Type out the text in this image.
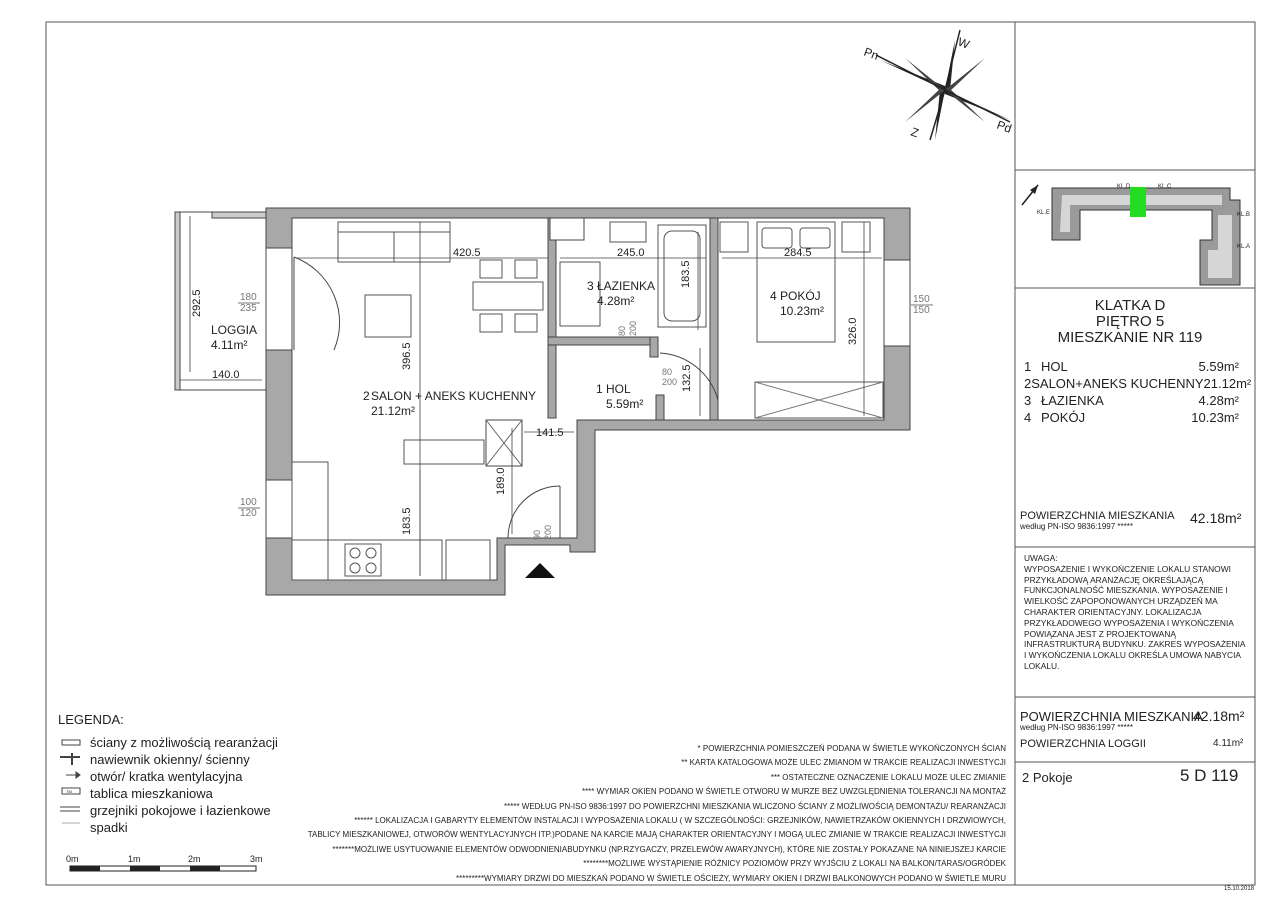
W
Pn
Pd
Z
KL.D	KL.C
KL.E	KL.B
KL.A
420.5	245.0	284.5
183.5
326.0
396.5
132.5
141.5
189.0
183.5
292.5
140.0
180
235
150
150
100
120
80 200
80
200
90 200
LOGGIA
4.11m²
2 SALON + ANEKS KUCHENNY
21.12m²
3 ŁAZIENKA
4.28m²
1 HOL
5.59m²
4 POKÓJ
10.23m²
TM
0m	1m	2m	3m
KLATKA D
PIĘTRO 5
MIESZKANIE NR 119
1 HOL	5.59m²
2 SALON+ANEKS KUCHENNY 21.12m²
3 ŁAZIENKA	4.28m²
4 POKÓJ	10.23m²
POWIERZCHNIA MIESZKANIA
według PN-ISO 9836:1997 *****
42.18m²
UWAGA:
WYPOSAŻENIE I WYKOŃCZENIE LOKALU STANOWI
PRZYKŁADOWĄ ARANŻACJĘ OKREŚLAJĄCĄ
FUNKCJONALNOŚĆ MIESZKANIA. WYPOSAŻENIE I
WIELKOŚĆ ZAPOPONOWANYCH URZĄDZEŃ MA
CHARAKTER ORIENTACYJNY. LOKALIZACJA
PRZYKŁADOWEGO WYPOSAŻENIA I WYKOŃCZENIA
POWIĄZANA JEST Z PROJEKTOWANĄ
INFRASTRUKTURĄ BUDYNKU. ZAKRES WYPOSAŻENIA
I WYKOŃCZENIA LOKALU OKREŚLA UMOWA NABYCIA
LOKALU.
POWIERZCHNIA MIESZKANIA
według PN-ISO 9836:1997 *****
42.18m²
POWIERZCHNIA LOGGII	4.11m²
2 Pokoje	5 D 119
15.10.2018
LEGENDA:
ściany z możliwością rearanżacji
nawiewnik okienny/ ścienny
otwór/ kratka wentylacyjna
tablica mieszkaniowa
grzejniki pokojowe i łazienkowe
spadki
* POWIERZCHNIA POMIESZCZEŃ PODANA W ŚWIETLE WYKOŃCZONYCH ŚCIAN
** KARTA KATALOGOWA MOŻE ULEC ZMIANOM W TRAKCIE REALIZACJI INWESTYCJI
*** OSTATECZNE OZNACZENIE LOKALU MOŻE ULEC ZMIANIE
**** WYMIAR OKIEN PODANO W ŚWIETLE OTWORU W MURZE BEZ UWZGLĘDNIENIA TOLERANCJI NA MONTAŻ
***** WEDŁUG PN-ISO 9836:1997 DO POWIERZCHNI MIESZKANIA WLICZONO ŚCIANY Z MOŻLIWOŚCIĄ DEMONTAŻU/ REARANŻACJI
****** LOKALIZACJA I GABARYTY ELEMENTÓW INSTALACJI I WYPOSAŻENIA LOKALU ( W SZCZEGÓLNOŚCI: GRZEJNIKÓW, NAWIETRZAKÓW OKIENNYCH I DRZWIOWYCH,
TABLICY MIESZKANIOWEJ, OTWORÓW WENTYLACYJNYCH ITP.)PODANE NA KARCIE MAJĄ CHARAKTER ORIENTACYJNY I MOGĄ ULEC ZMIANIE W TRAKCIE REALIZACJI INWESTYCJI
*******MOŻLIWE USYTUOWANIE ELEMENTÓW ODWODNIENIABUDYNKU (NP.RZYGACZY, PRZELEWÓW AWARYJNYCH), KTÓRE NIE ZOSTAŁY POKAZANE NA NINIEJSZEJ KARCIE
********MOŻLIWE WYSTĄPIENIE RÓŻNICY POZIOMÓW PRZY WYJŚCIU Z LOKALI NA BALKON/TARAS/OGRÓDEK
*********WYMIARY DRZWI DO MIESZKAŃ PODANO W ŚWIETLE OŚCIEŻY, WYMIARY OKIEN I DRZWI BALKONOWYCH PODANO W ŚWIETLE MURU
